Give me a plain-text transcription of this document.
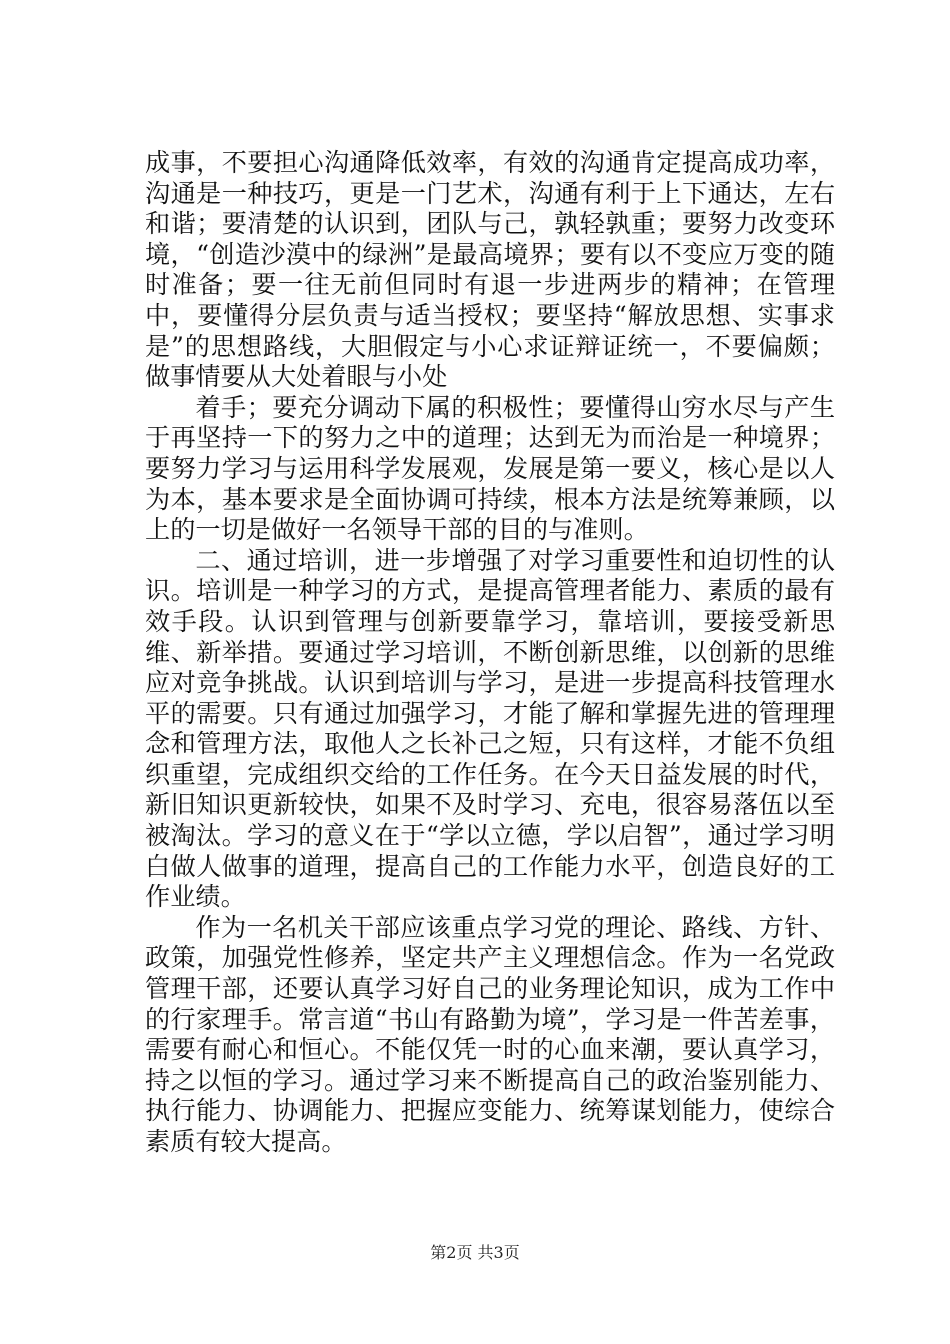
成事，不要担心沟通降低效率，有效的沟通肯定提高成功率，沟通是一种技巧，更是一门艺术，沟通有利于上下通达，左右和谐；要清楚的认识到，团队与己，孰轻孰重；要努力改变环境，“创造沙漠中的绿洲”是最高境界；要有以不变应万变的随时准备；要一往无前但同时有退一步进两步的精神；在管理中，要懂得分层负责与适当授权；要坚持“解放思想、实事求是”的思想路线，大胆假定与小心求证辩证统一，不要偏颇；做事情要从大处着眼与小处

着手；要充分调动下属的积极性；要懂得山穷水尽与产生于再坚持一下的努力之中的道理；达到无为而治是一种境界；要努力学习与运用科学发展观，发展是第一要义，核心是以人为本，基本要求是全面协调可持续，根本方法是统筹兼顾，以上的一切是做好一名领导干部的目的与准则。

二、通过培训，进一步增强了对学习重要性和迫切性的认识。培训是一种学习的方式，是提高管理者能力、素质的最有效手段。认识到管理与创新要靠学习，靠培训，要接受新思维、新举措。要通过学习培训，不断创新思维，以创新的思维应对竞争挑战。认识到培训与学习，是进一步提高科技管理水平的需要。只有通过加强学习，才能了解和掌握先进的管理理念和管理方法，取他人之长补己之短，只有这样，才能不负组织重望，完成组织交给的工作任务。在今天日益发展的时代，新旧知识更新较快，如果不及时学习、充电，很容易落伍以至被淘汰。学习的意义在于“学以立德，学以启智”，通过学习明白做人做事的道理，提高自己的工作能力水平，创造良好的工作业绩。

作为一名机关干部应该重点学习党的理论、路线、方针、政策，加强党性修养，坚定共产主义理想信念。作为一名党政管理干部，还要认真学习好自己的业务理论知识，成为工作中的行家理手。常言道“书山有路勤为境”，学习是一件苦差事，需要有耐心和恒心。不能仅凭一时的心血来潮，要认真学习，持之以恒的学习。通过学习来不断提高自己的政治鉴别能力、执行能力、协调能力、把握应变能力、统筹谋划能力，使综合素质有较大提高。

第2页 共3页
